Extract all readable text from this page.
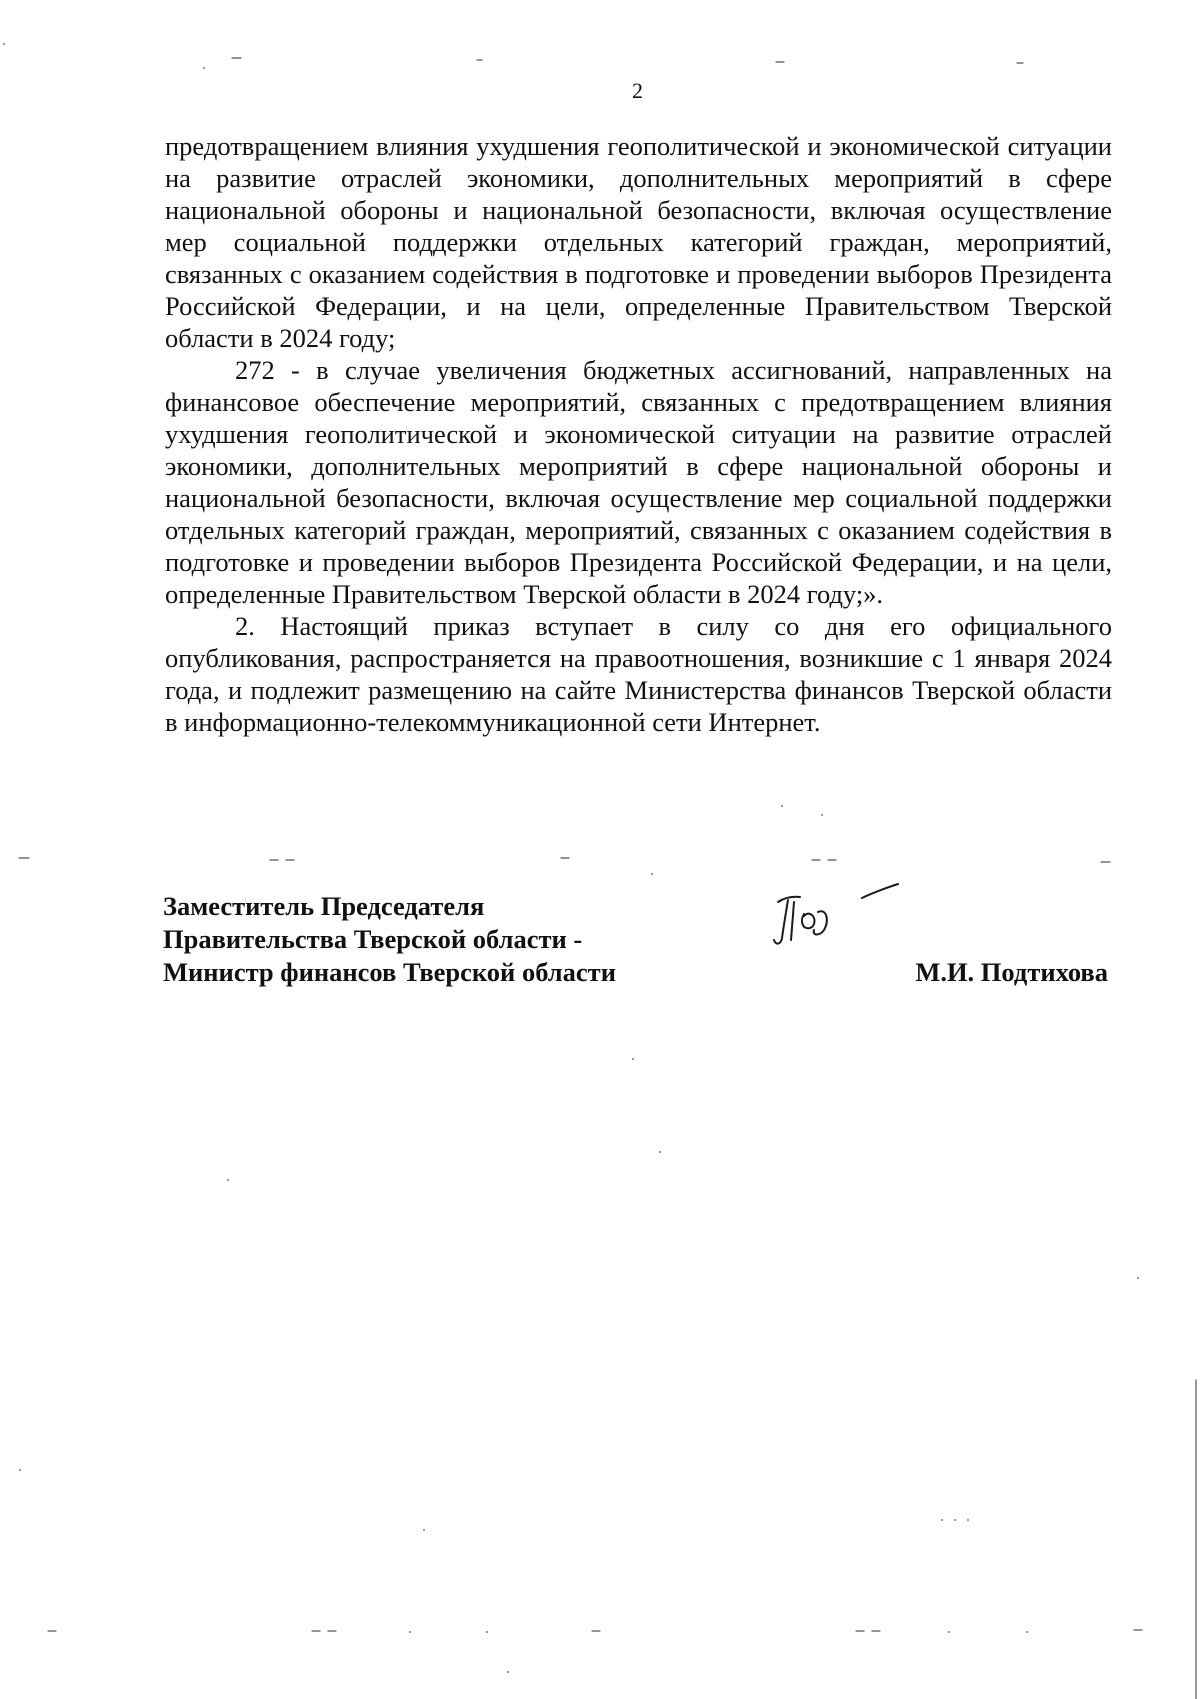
2

предотвращением влияния ухудшения геополитической и экономической ситуации на развитие отраслей экономики, дополнительных мероприятий в сфере национальной обороны и национальной безопасности, включая осуществление мер социальной поддержки отдельных категорий граждан, мероприятий, связанных с оказанием содействия в подготовке и проведении выборов Президента Российской Федерации, и на цели, определенные Правительством Тверской области в 2024 году;

272 - в случае увеличения бюджетных ассигнований, направленных на финансовое обеспечение мероприятий, связанных с предотвращением влияния ухудшения геополитической и экономической ситуации на развитие отраслей экономики, дополнительных мероприятий в сфере национальной обороны и национальной безопасности, включая осуществление мер социальной поддержки отдельных категорий граждан, мероприятий, связанных с оказанием содействия в подготовке и проведении выборов Президента Российской Федерации, и на цели, определенные Правительством Тверской области в 2024 году;».

2. Настоящий приказ вступает в силу со дня его официального опубликования, распространяется на правоотношения, возникшие с 1 января 2024 года, и подлежит размещению на сайте Министерства финансов Тверской области в информационно-телекоммуникационной сети Интернет.

Заместитель Председателя
Правительства Тверской области -
Министр финансов Тверской области	М.И. Подтихова
